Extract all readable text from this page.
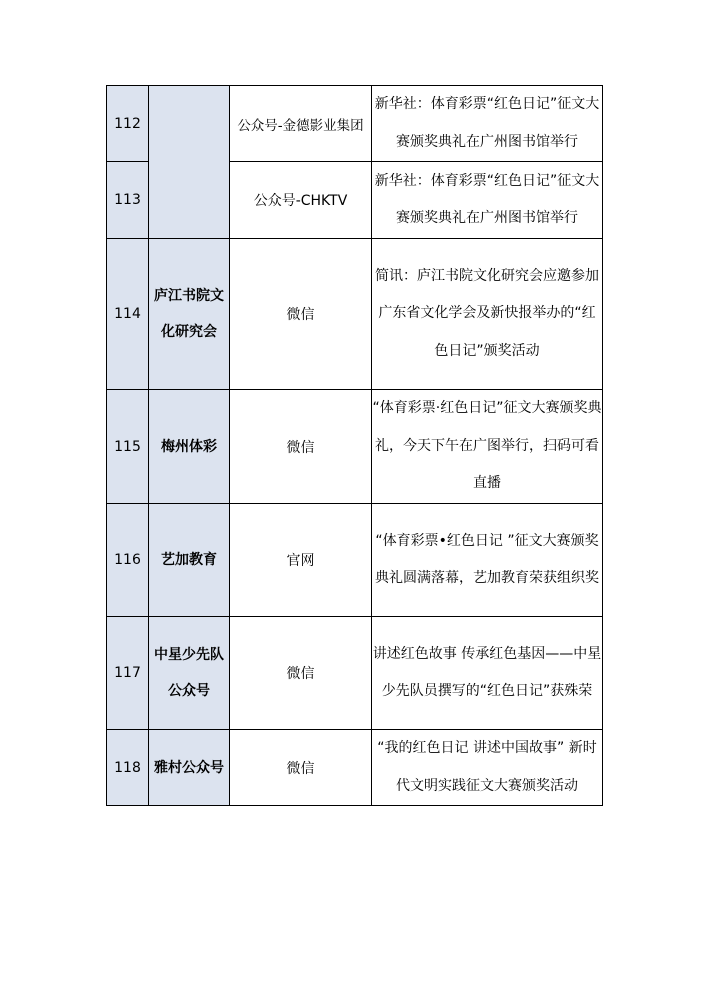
112		公众号-金德影业集团	新华社：体育彩票“红色日记”征文大赛颁奖典礼在广州图书馆举行
113		公众号-CHKTV	新华社：体育彩票“红色日记”征文大赛颁奖典礼在广州图书馆举行
114	庐江书院文化研究会	微信	简讯：庐江书院文化研究会应邀参加广东省文化学会及新快报举办的“红色日记”颁奖活动
115	梅州体彩	微信	“体育彩票·红色日记”征文大赛颁奖典礼，今天下午在广图举行，扫码可看直播
116	艺加教育	官网	“体育彩票•红色日记 ”征文大赛颁奖典礼圆满落幕，艺加教育荣获组织奖
117	中星少先队公众号	微信	讲述红色故事 传承红色基因——中星少先队员撰写的“红色日记”获殊荣
118	雅村公众号	微信	“我的红色日记 讲述中国故事” 新时代文明实践征文大赛颁奖活动
